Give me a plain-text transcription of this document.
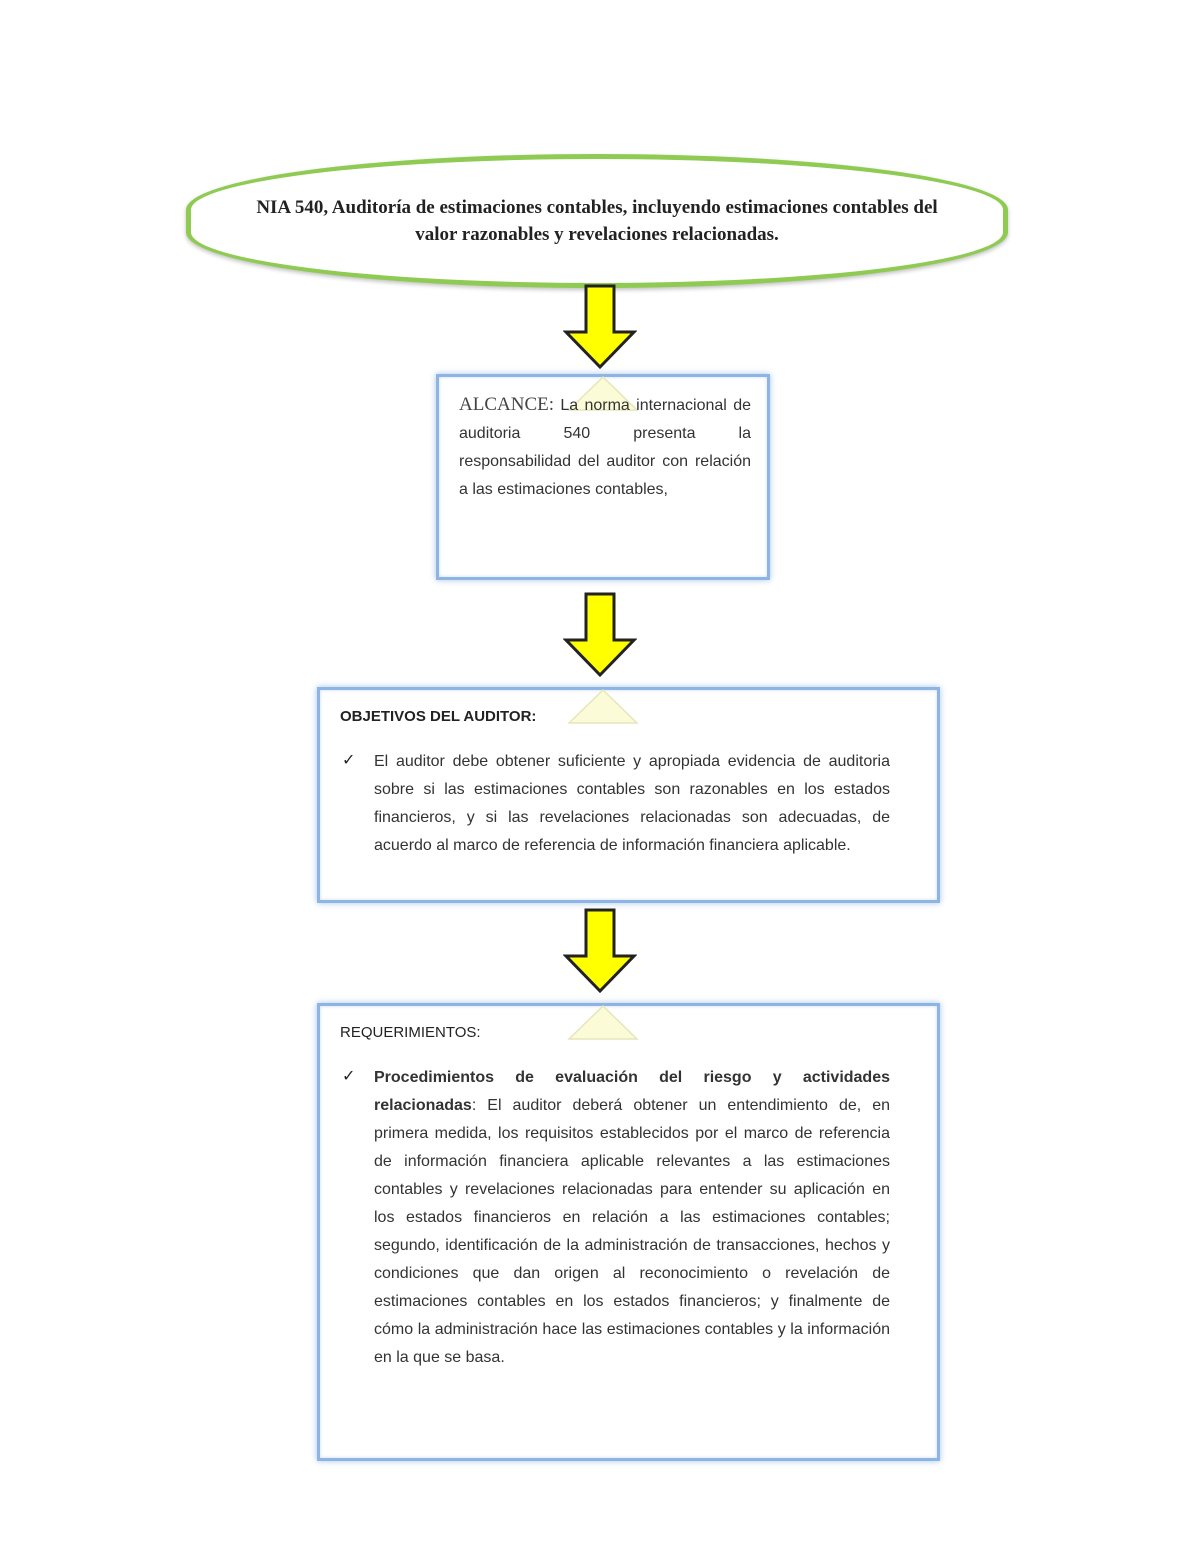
NIA 540, Auditoría de estimaciones contables, incluyendo estimaciones contables del valor razonables y revelaciones relacionadas.
ALCANCE: La norma internacional de auditoria 540 presenta la responsabilidad del auditor con relación a las estimaciones contables,
OBJETIVOS DEL AUDITOR:
✓ El auditor debe obtener suficiente y apropiada evidencia de auditoria sobre si las estimaciones contables son razonables en los estados financieros, y si las revelaciones relacionadas son adecuadas, de acuerdo al marco de referencia de información financiera aplicable.
REQUERIMIENTOS:
✓ Procedimientos de evaluación del riesgo y actividades relacionadas: El auditor deberá obtener un entendimiento de, en primera medida, los requisitos establecidos por el marco de referencia de información financiera aplicable relevantes a las estimaciones contables y revelaciones relacionadas para entender su aplicación en los estados financieros en relación a las estimaciones contables; segundo, identificación de la administración de transacciones, hechos y condiciones que dan origen al reconocimiento o revelación de estimaciones contables en los estados financieros; y finalmente de cómo la administración hace las estimaciones contables y la información en la que se basa.
